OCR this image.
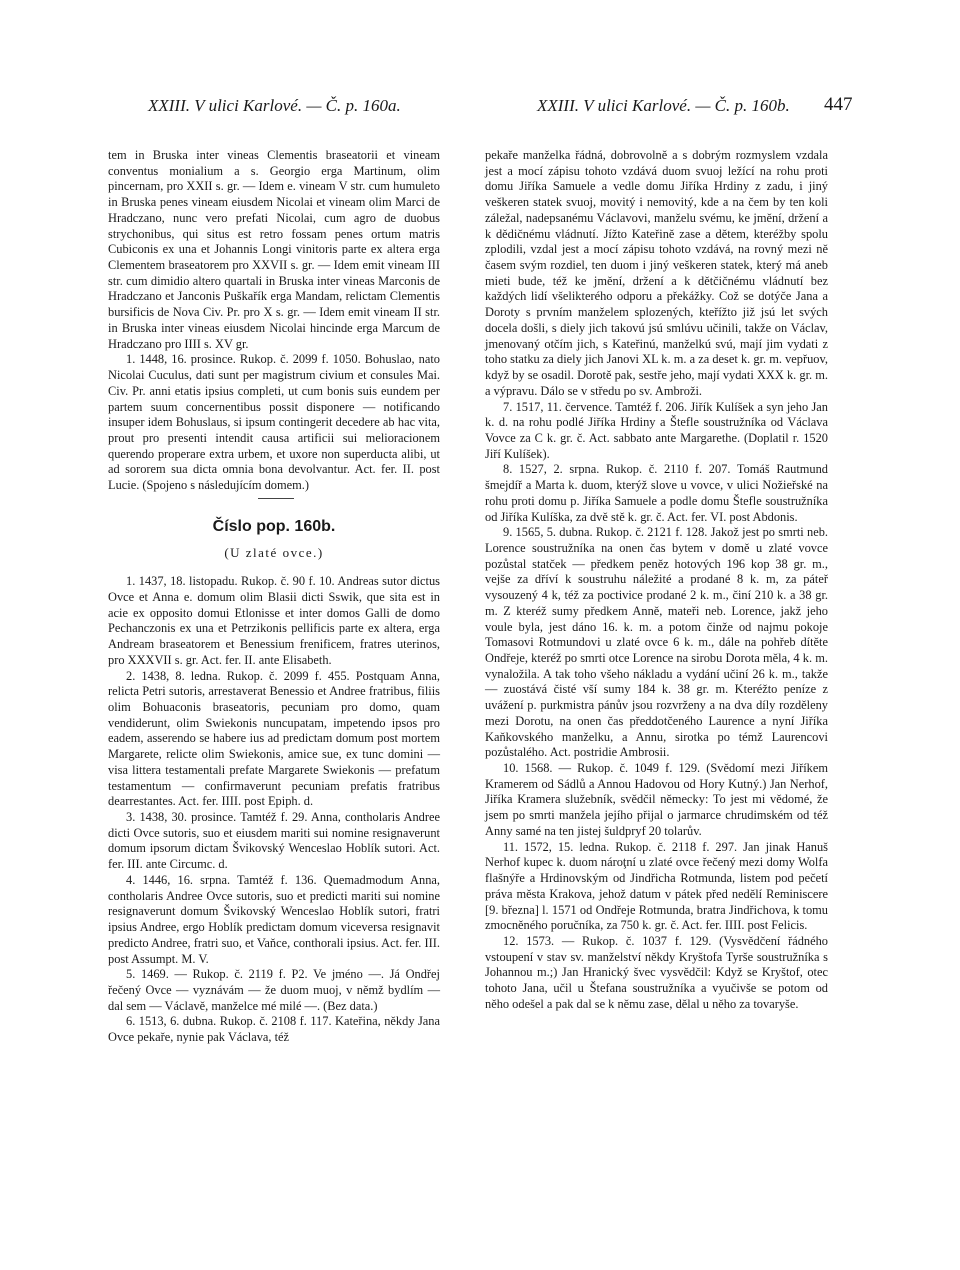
XXIII. V ulici Karlové. — Č. p. 160a.	XXIII. V ulici Karlové. — Č. p. 160b. 447

tem in Bruska inter vineas Clementis braseatorii et vineam conventus monialium a s. Georgio erga Martinum, olim pincernam, pro XXII s. gr. — Idem e. vineam V str. cum humuleto in Bruska penes vineam eiusdem Nicolai et vineam olim Marci de Hradczano, nunc vero prefati Nicolai, cum agro de duobus strychonibus, qui situs est retro fossam penes ortum matris Cubiconis ex una et Johannis Longi vinitoris parte ex altera erga Clementem braseatorem pro XXVII s. gr. — Idem emit vineam III str. cum dimidio altero quartali in Bruska inter vineas Marconis de Hradczano et Janconis Puškařík erga Mandam, relictam Clementis bursificis de Nova Civ. Pr. pro X s. gr. — Idem emit vineam II str. in Bruska inter vineas eiusdem Nicolai hincinde erga Marcum de Hradczano pro IIII s. XV gr.

1. 1448, 16. prosince. Rukop. č. 2099 f. 1050. Bohuslao, nato Nicolai Cuculus, dati sunt per magistrum civium et consules Mai. Civ. Pr. anni etatis ipsius completi, ut cum bonis suis eundem per partem suum concernentibus possit disponere — notificando insuper idem Bohuslaus, si ipsum contingerit decedere ab hac vita, prout pro presenti intendit causa artificii sui melioracionem querendo properare extra urbem, et uxore non superducta alibi, ut ad sororem sua dicta omnia bona devolvantur. Act. fer. II. post Lucie. (Spojeno s následujícím domem.)

Číslo pop. 160b.
(U zlaté ovce.)

1. 1437, 18. listopadu. Rukop. č. 90 f. 10. Andreas sutor dictus Ovce et Anna e. domum olim Blasii dicti Sswik, que sita est in acie ex opposito domui Etlonisse et inter domos Galli de domo Pechanczonis ex una et Petrzikonis pellificis parte ex altera, erga Andream braseatorem et Benessium frenificem, fratres uterinos, pro XXXVII s. gr. Act. fer. II. ante Elisabeth.

2. 1438, 8. ledna. Rukop. č. 2099 f. 455. Postquam Anna, relicta Petri sutoris, arrestaverat Benessio et Andree fratribus, filiis olim Bohuaconis braseatoris, pecuniam pro domo, quam vendiderunt, olim Swiekonis nuncupatam, impetendo ipsos pro eadem, asserendo se habere ius ad predictam domum post mortem Margarete, relicte olim Swiekonis, amice sue, ex tunc domini — visa littera testamentali prefate Margarete Swiekonis — prefatum testamentum — confirmaverunt pecuniam prefatis fratribus dearrestantes. Act. fer. IIII. post Epiph. d.

3. 1438, 30. prosince. Tamtéž f. 29. Anna, contholaris Andree dicti Ovce sutoris, suo et eiusdem mariti sui nomine resignaverunt domum ipsorum dictam Švikovský Wenceslao Hoblík sutori. Act. fer. III. ante Circumc. d.

4. 1446, 16. srpna. Tamtéž f. 136. Quemadmodum Anna, contholaris Andree Ovce sutoris, suo et predicti mariti sui nomine resignaverunt domum Švikovský Wenceslao Hoblík sutori, fratri ipsius Andree, ergo Hoblík predictam domum viceversa resignavit predicto Andree, fratri suo, et Vaňce, conthorali ipsius. Act. fer. III. post Assumpt. M. V.

5. 1469. — Rukop. č. 2119 f. P2. Ve jméno —. Já Ondřej řečený Ovce — vyznávám — že duom muoj, v němž bydlím — dal sem — Václavě, manželce mé milé —. (Bez data.)

6. 1513, 6. dubna. Rukop. č. 2108 f. 117. Kateřina, někdy Jana Ovce pekaře, nynie pak Václava, též

pekaře manželka řádná, dobrovolně a s dobrým rozmyslem vzdala jest a mocí zápisu tohoto vzdává duom svuoj ležící na rohu proti domu Jiříka Samuele a vedle domu Jiříka Hrdiny z zadu, i jiný veškeren statek svuoj, movitý i nemovitý, kde a na čem by ten koli záležal, nadepsanému Václavovi, manželu svému, ke jmění, držení a k dědičnému vládnutí. Jížto Kateřině zase a dětem, kteréžby spolu zplodili, vzdal jest a mocí zápisu tohoto vzdává, na rovný mezi ně časem svým rozdiel, ten duom i jiný veškeren statek, který má aneb mieti bude, též ke jmění, držení a k dětčičnému vládnutí bez každých lidí všelikterého odporu a překážky. Což se dotýče Jana a Doroty s prvním manželem splozených, kteřížto již jsú let svých docela došli, s diely jich takovú jsú smlúvu učinili, takže on Václav, jmenovaný otčím jich, s Kateřinú, manželkú svú, mají jim vydati z toho statku za diely jich Janovi XL k. m. a za deset k. gr. m. vepřuov, když by se osadil. Dorotě pak, sestře jeho, mají vydati XXX k. gr. m. a výpravu. Dálo se v středu po sv. Ambroži.

7. 1517, 11. července. Tamtéž f. 206. Jiřík Kulíšek a syn jeho Jan k. d. na rohu podlé Jiříka Hrdiny a Štefle soustružníka od Václava Vovce za C k. gr. č. Act. sabbato ante Margarethe. (Doplatil r. 1520 Jiří Kulíšek).

8. 1527, 2. srpna. Rukop. č. 2110 f. 207. Tomáš Rautmund šmejdíř a Marta k. duom, kterýž slove u vovce, v ulici Nožieřské na rohu proti domu p. Jiříka Samuele a podle domu Štefle soustružníka od Jiříka Kulíška, za dvě stě k. gr. č. Act. fer. VI. post Abdonis.

9. 1565, 5. dubna. Rukop. č. 2121 f. 128. Jakož jest po smrti neb. Lorence soustružníka na onen čas bytem v domě u zlaté vovce pozůstal statček — předkem peněz hotových 196 kop 38 gr. m., vejše za dříví k soustruhu náležité a prodané 8 k. m, za páteř vysouzený 4 k, též za poctivice prodané 2 k. m., činí 210 k. a 38 gr. m. Z kteréž sumy předkem Anně, mateři neb. Lorence, jakž jeho voule byla, jest dáno 16. k. m. a potom činže od najmu pokoje Tomasovi Rotmundovi u zlaté ovce 6 k. m., dále na pohřeb dítěte Ondřeje, kteréž po smrti otce Lorence na sirobu Dorota měla, 4 k. m. vynaložila. A tak toho všeho nákladu a vydání učiní 26 k. m., takže — zuostává čisté vší sumy 184 k. 38 gr. m. Kteréžto peníze z uvážení p. purkmistra pánův jsou rozvrženy a na dva díly rozděleny mezi Dorotu, na onen čas předdotčeného Laurence a nyní Jiříka Kaňkovského manželku, a Annu, sirotka po témž Laurencovi pozůstalého. Act. postridie Ambrosii.

10. 1568. — Rukop. č. 1049 f. 129. (Svědomí mezi Jiříkem Kramerem od Sádlů a Annou Hadovou od Hory Kutný.) Jan Nerhof, Jiříka Kramera služebník, svědčil německy: To jest mi vědomé, že jsem po smrti manžela jejího přijal o jarmarce chrudimském od též Anny samé na ten jistej šuldpryf 20 tolarův.

11. 1572, 15. ledna. Rukop. č. 2118 f. 297. Jan jinak Hanuš Nerhof kupec k. duom nároţní u zlaté ovce řečený mezi domy Wolfa flašnýře a Hrdinovským od Jindřicha Rotmunda, listem pod pečetí práva města Krakova, jehož datum v pátek před nedělí Reminiscere [9. března] l. 1571 od Ondřeje Rotmunda, bratra Jindřichova, k tomu zmocněného poručníka, za 750 k. gr. č. Act. fer. IIII. post Felicis.

12. 1573. — Rukop. č. 1037 f. 129. (Vysvědčení řádného vstoupení v stav sv. manželství někdy Kryštofa Tyrše soustružníka s Johannou m.;) Jan Hranický švec vysvědčil: Když se Kryštof, otec tohoto Jana, učil u Štefana soustružníka a vyučivše se potom od něho odešel a pak dal se k němu zase, dělal u něho za tovaryše.
